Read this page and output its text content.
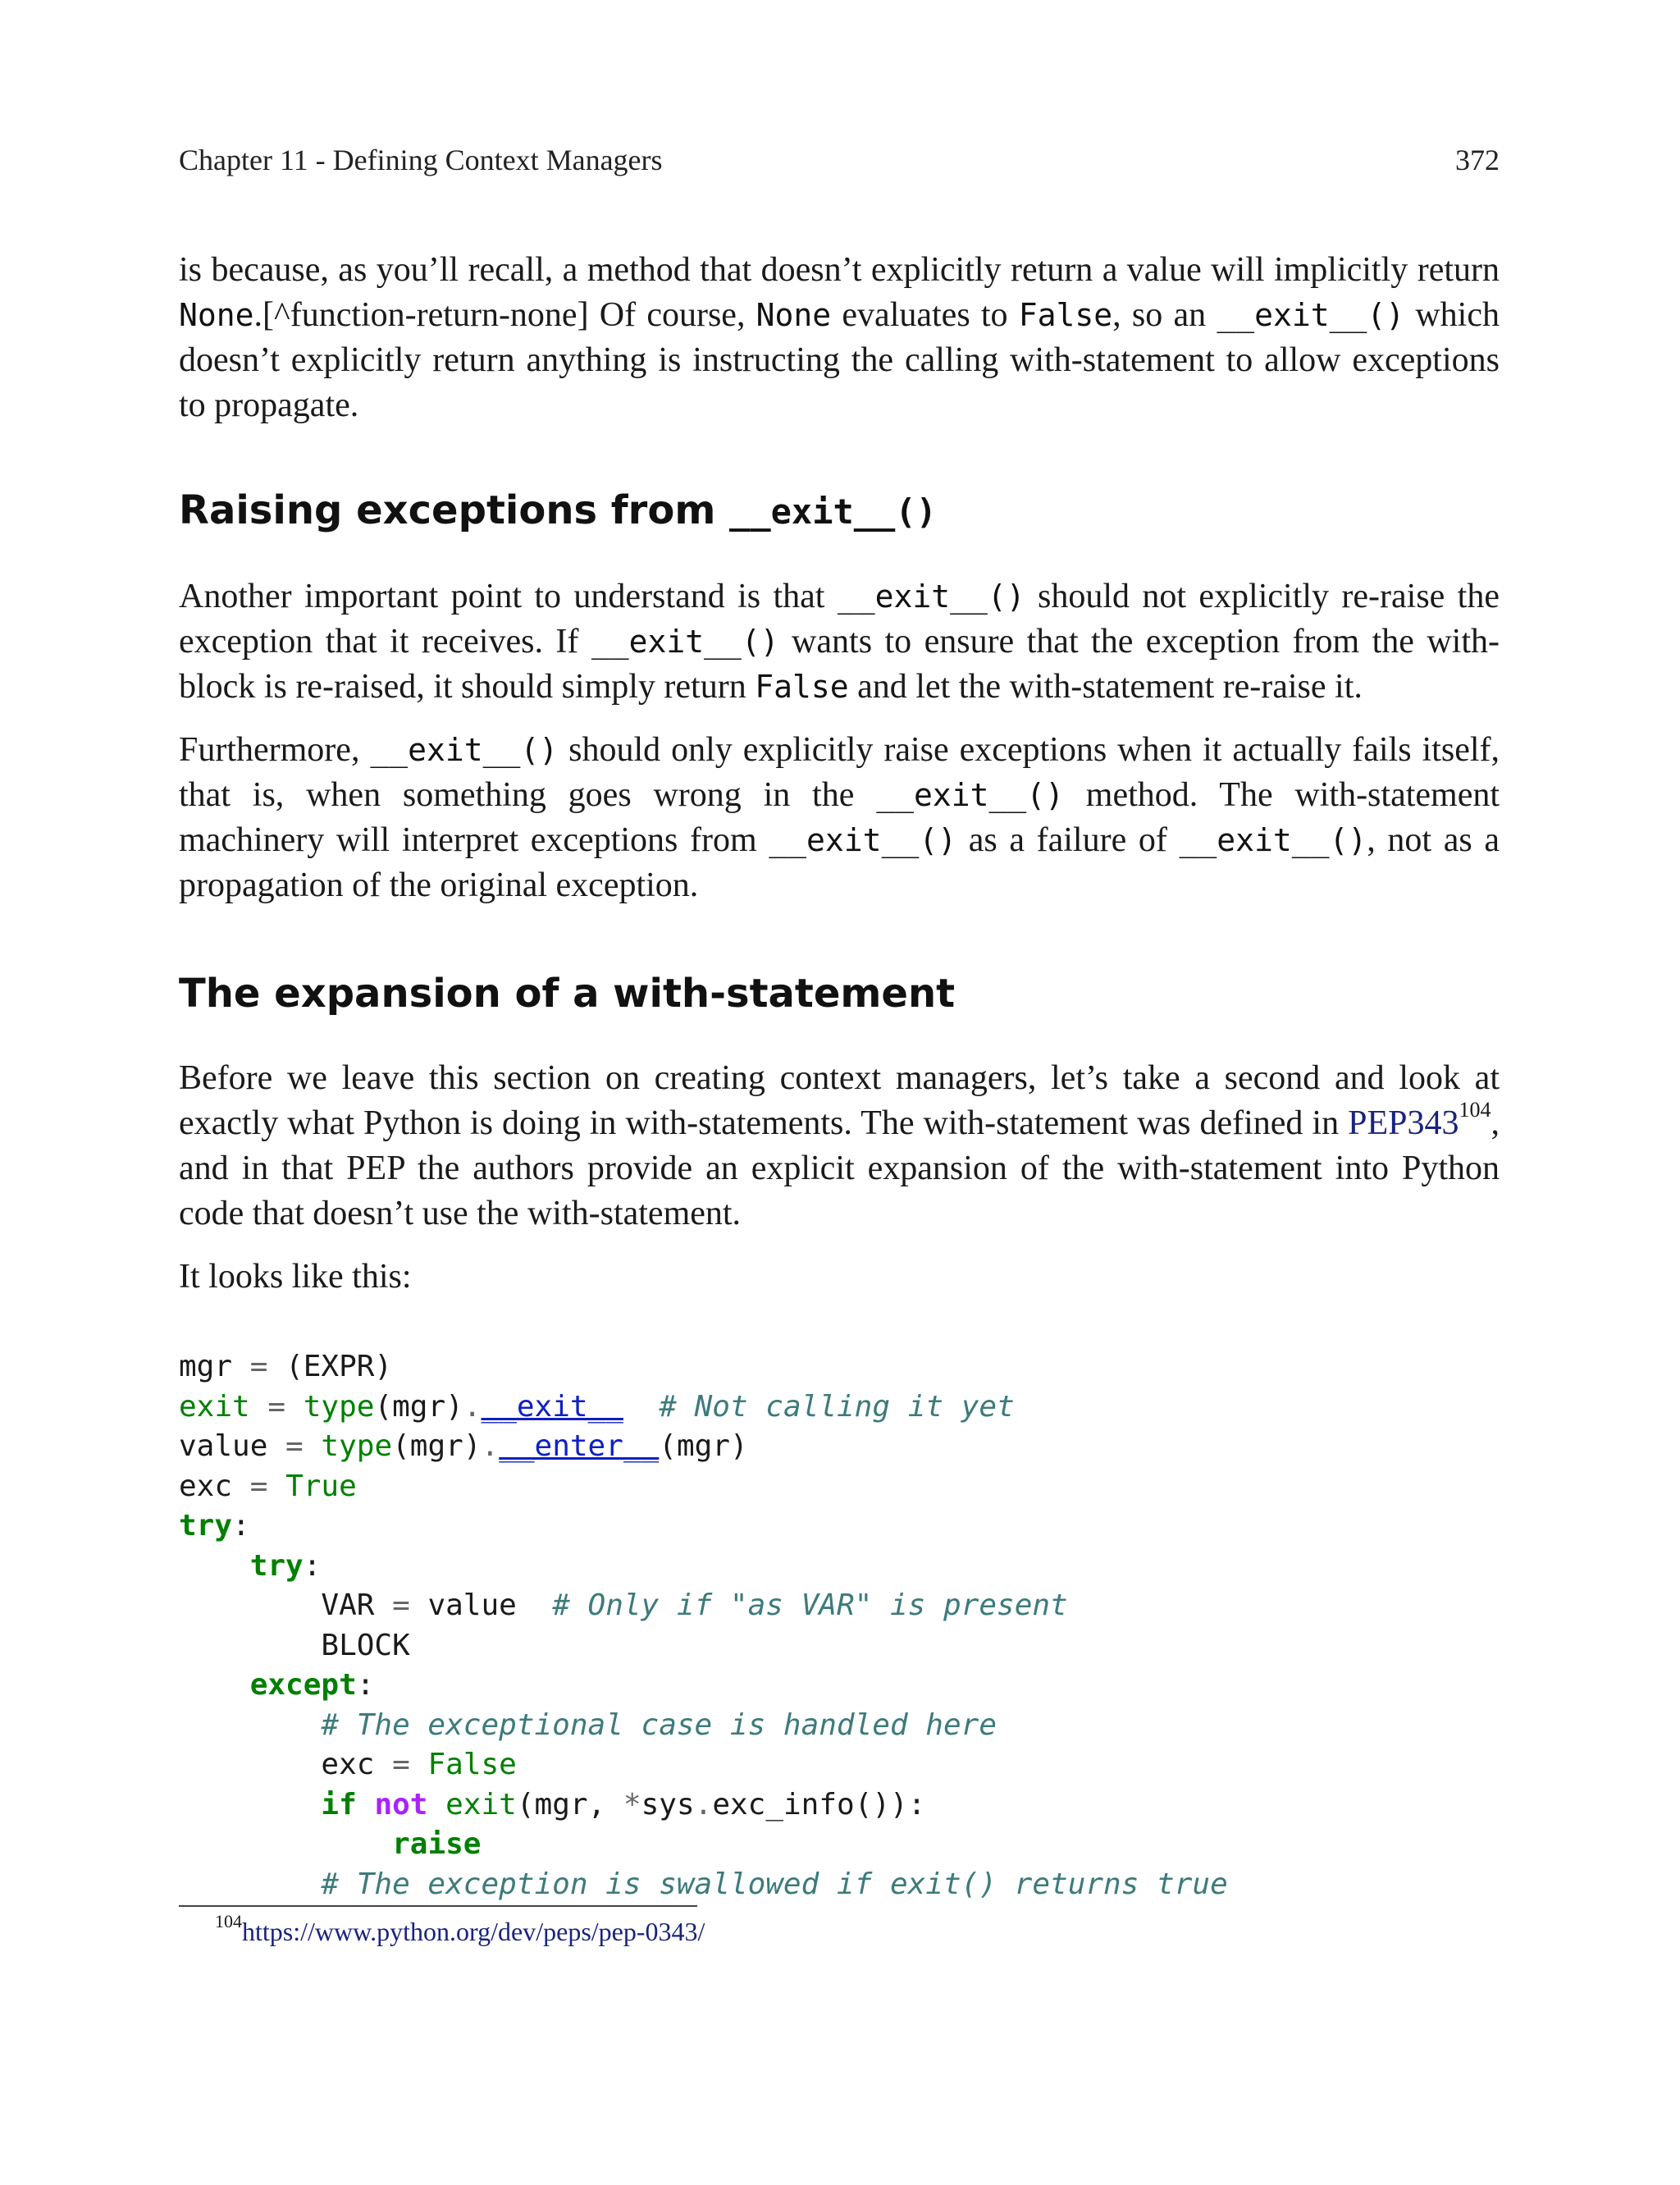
Chapter 11 - Defining Context Managers	372

is because, as you’ll recall, a method that doesn’t explicitly return a value will implicitly return None.[^function-return-none] Of course, None evaluates to False, so an __exit__() which doesn’t explicitly return anything is instructing the calling with-statement to allow exceptions to propagate.

Raising exceptions from __exit__()

Another important point to understand is that __exit__() should not explicitly re-raise the exception that it receives. If __exit__() wants to ensure that the exception from the with-block is re-raised, it should simply return False and let the with-statement re-raise it.

Furthermore, __exit__() should only explicitly raise exceptions when it actually fails itself, that is, when something goes wrong in the __exit__() method. The with-statement machinery will interpret exceptions from __exit__() as a failure of __exit__(), not as a propagation of the original exception.

The expansion of a with-statement

Before we leave this section on creating context managers, let’s take a second and look at exactly what Python is doing in with-statements. The with-statement was defined in $PEP343^{104}$, and in that PEP the authors provide an explicit expansion of the with-statement into Python code that doesn’t use the with-statement.

It looks like this:

mgr = (EXPR)
exit = type(mgr).__exit__ # Not calling it yet
value = type(mgr).__enter__(mgr)
exc = True
try:
try:
VAR = value # Only if "as VAR" is present
BLOCK
except:
# The exceptional case is handled here
exc = False
if not exit(mgr, *sys.exc_info()):
raise
# The exception is swallowed if exit() returns true
$^{104}$https://www.python.org/dev/peps/pep-0343/
